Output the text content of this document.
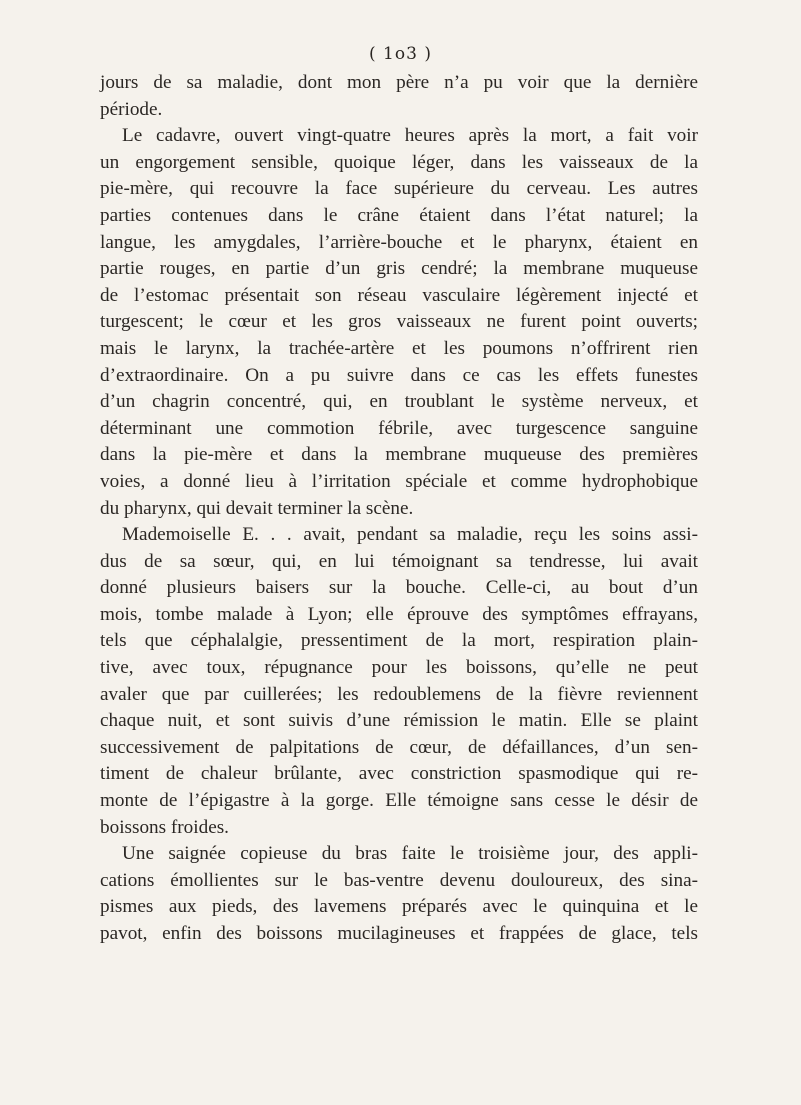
( 1o3 )
jours de sa maladie, dont mon père n’a pu voir que la dernière
période.
Le cadavre, ouvert vingt-quatre heures après la mort, a fait voir
un engorgement sensible, quoique léger, dans les vaisseaux de la
pie-mère, qui recouvre la face supérieure du cerveau. Les autres
parties contenues dans le crâne étaient dans l’état naturel; la
langue, les amygdales, l’arrière-bouche et le pharynx, étaient en
partie rouges, en partie d’un gris cendré; la membrane muqueuse
de l’estomac présentait son réseau vasculaire légèrement injecté et
turgescent; le cœur et les gros vaisseaux ne furent point ouverts;
mais le larynx, la trachée-artère et les poumons n’offrirent rien
d’extraordinaire. On a pu suivre dans ce cas les effets funestes
d’un chagrin concentré, qui, en troublant le système nerveux, et
déterminant une commotion fébrile, avec turgescence sanguine
dans la pie-mère et dans la membrane muqueuse des premières
voies, a donné lieu à l’irritation spéciale et comme hydrophobique
du pharynx, qui devait terminer la scène.
Mademoiselle E. . . avait, pendant sa maladie, reçu les soins assi-
dus de sa sœur, qui, en lui témoignant sa tendresse, lui avait
donné plusieurs baisers sur la bouche. Celle-ci, au bout d’un
mois, tombe malade à Lyon; elle éprouve des symptômes effrayans,
tels que céphalalgie, pressentiment de la mort, respiration plain-
tive, avec toux, répugnance pour les boissons, qu’elle ne peut
avaler que par cuillerées; les redoublemens de la fièvre reviennent
chaque nuit, et sont suivis d’une rémission le matin. Elle se plaint
successivement de palpitations de cœur, de défaillances, d’un sen-
timent de chaleur brûlante, avec constriction spasmodique qui re-
monte de l’épigastre à la gorge. Elle témoigne sans cesse le désir de
boissons froides.
Une saignée copieuse du bras faite le troisième jour, des appli-
cations émollientes sur le bas-ventre devenu douloureux, des sina-
pismes aux pieds, des lavemens préparés avec le quinquina et le
pavot, enfin des boissons mucilagineuses et frappées de glace, tels
